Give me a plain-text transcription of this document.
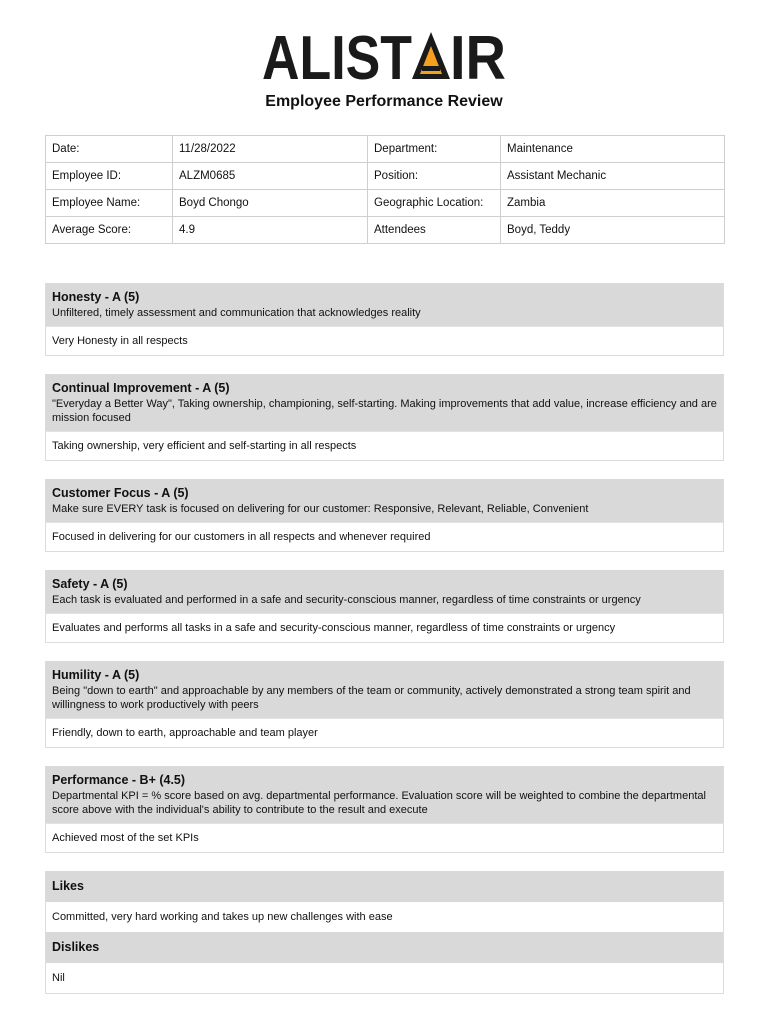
ALIST IR
Employee Performance Review
Date:	11/28/2022	Department:	Maintenance
Employee ID:	ALZM0685	Position:	Assistant Mechanic
Employee Name:	Boyd Chongo	Geographic Location:	Zambia
Average Score:	4.9	Attendees	Boyd, Teddy
Honesty - A (5)
Unfiltered, timely assessment and communication that acknowledges reality
Very Honesty in all respects
Continual Improvement - A (5)
"Everyday a Better Way", Taking ownership, championing, self-starting. Making improvements that add value, increase efficiency and are mission focused
Taking ownership, very efficient and self-starting in all respects
Customer Focus - A (5)
Make sure EVERY task is focused on delivering for our customer: Responsive, Relevant, Reliable, Convenient
Focused in delivering for our customers in all respects and whenever required
Safety - A (5)
Each task is evaluated and performed in a safe and security-conscious manner, regardless of time constraints or urgency
Evaluates and performs all tasks in a safe and security-conscious manner, regardless of time constraints or urgency
Humility - A (5)
Being "down to earth" and approachable by any members of the team or community, actively demonstrated a strong team spirit and willingness to work productively with peers
Friendly, down to earth, approachable and team player
Performance - B+ (4.5)
Departmental KPI = % score based on avg. departmental performance. Evaluation score will be weighted to combine the departmental score above with the individual's ability to contribute to the result and execute
Achieved most of the set KPIs
Likes
Committed, very hard working and takes up new challenges with ease
Dislikes
Nil
